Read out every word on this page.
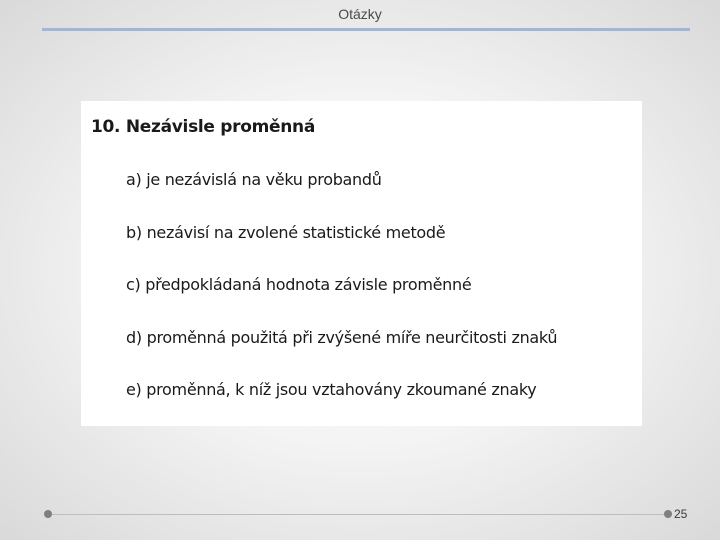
Otázky
10. Nezávisle proměnná
a) je nezávislá na věku probandů
b) nezávisí na zvolené statistické metodě
c) předpokládaná hodnota závisle proměnné
d) proměnná použitá při zvýšené míře neurčitosti znaků
e) proměnná, k níž jsou vztahovány zkoumané znaky
25
